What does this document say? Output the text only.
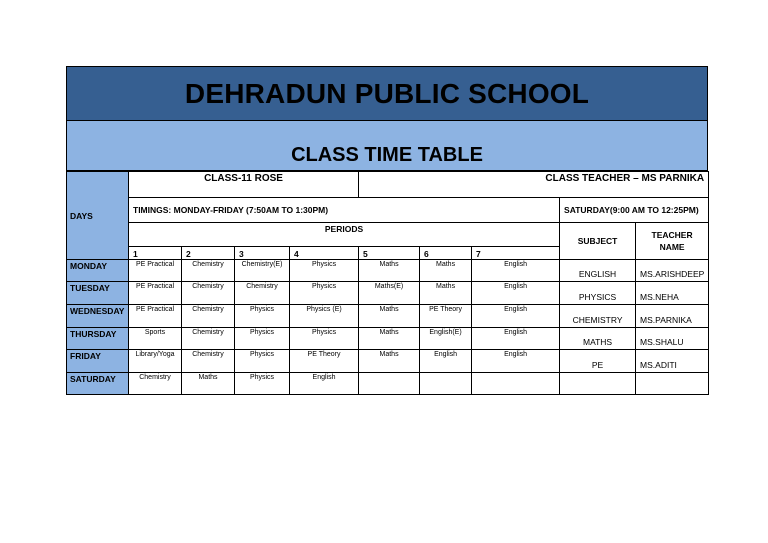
DEHRADUN PUBLIC SCHOOL
CLASS TIME TABLE
DAYS	CLASS-11 ROSE				CLASS TEACHER – MS PARNIKA				
	TIMINGS: MONDAY-FRIDAY (7:50AM TO 1:30PM)							SATURDAY(9:00 AM TO 12:25PM)	
	PERIODS							SUBJECT	TEACHER NAME
	1	2	3	4	5	6	7		
MONDAY	PE Practical	Chemistry	Chemistry(E)	Physics	Maths	Maths	English	ENGLISH	MS.ARISHDEEP
TUESDAY	PE Practical	Chemistry	Chemistry	Physics	Maths(E)	Maths	English	PHYSICS	MS.NEHA
WEDNESDAY	PE Practical	Chemistry	Physics	Physics (E)	Maths	PE Theory	English	CHEMISTRY	MS.PARNIKA
THURSDAY	Sports	Chemistry	Physics	Physics	Maths	English(E)	English	MATHS	MS.SHALU
FRIDAY	Library/Yoga	Chemistry	Physics	PE Theory	Maths	English	English	PE	MS.ADITI
SATURDAY	Chemistry	Maths	Physics	English					
